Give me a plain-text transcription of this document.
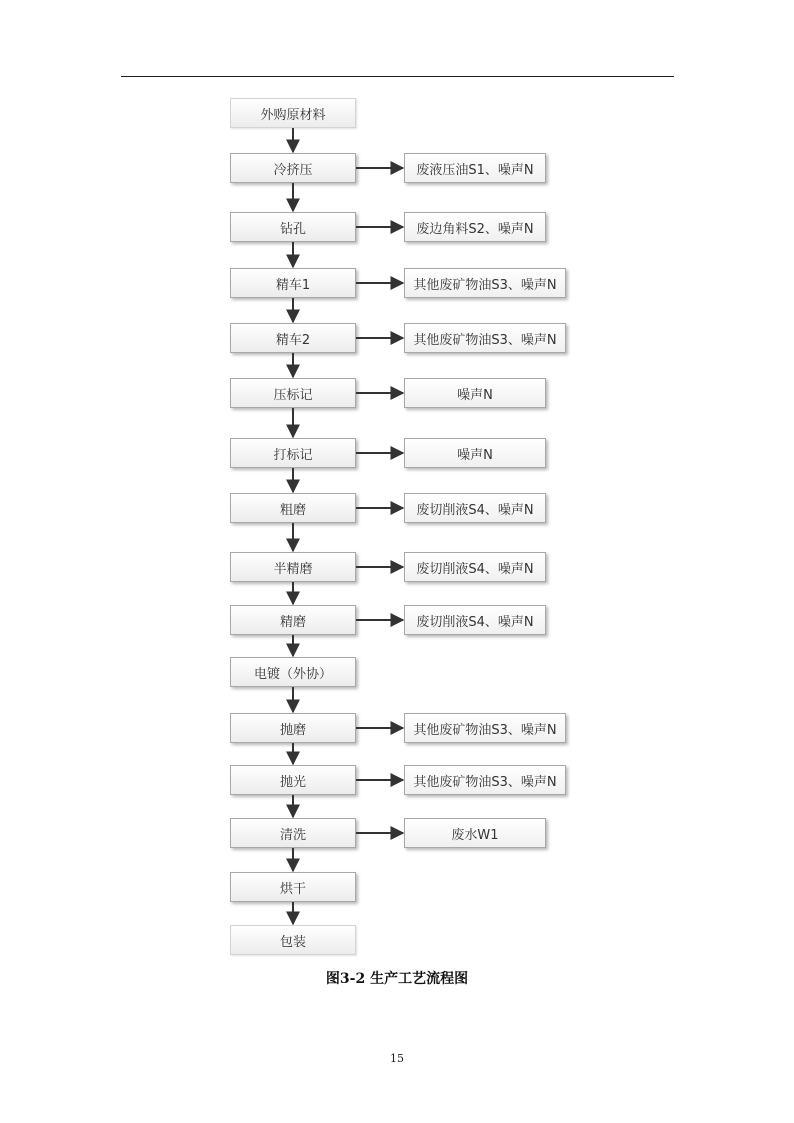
外购原材料
冷挤压	废液压油S1、噪声N
钻孔	废边角料S2、噪声N
精车1	其他废矿物油S3、噪声N
精车2	其他废矿物油S3、噪声N
压标记	噪声N
打标记	噪声N
粗磨	废切削液S4、噪声N
半精磨	废切削液S4、噪声N
精磨	废切削液S4、噪声N
电镀（外协）
抛磨	其他废矿物油S3、噪声N
抛光	其他废矿物油S3、噪声N
清洗	废水W1
烘干
包装
图3-2 生产工艺流程图
15
